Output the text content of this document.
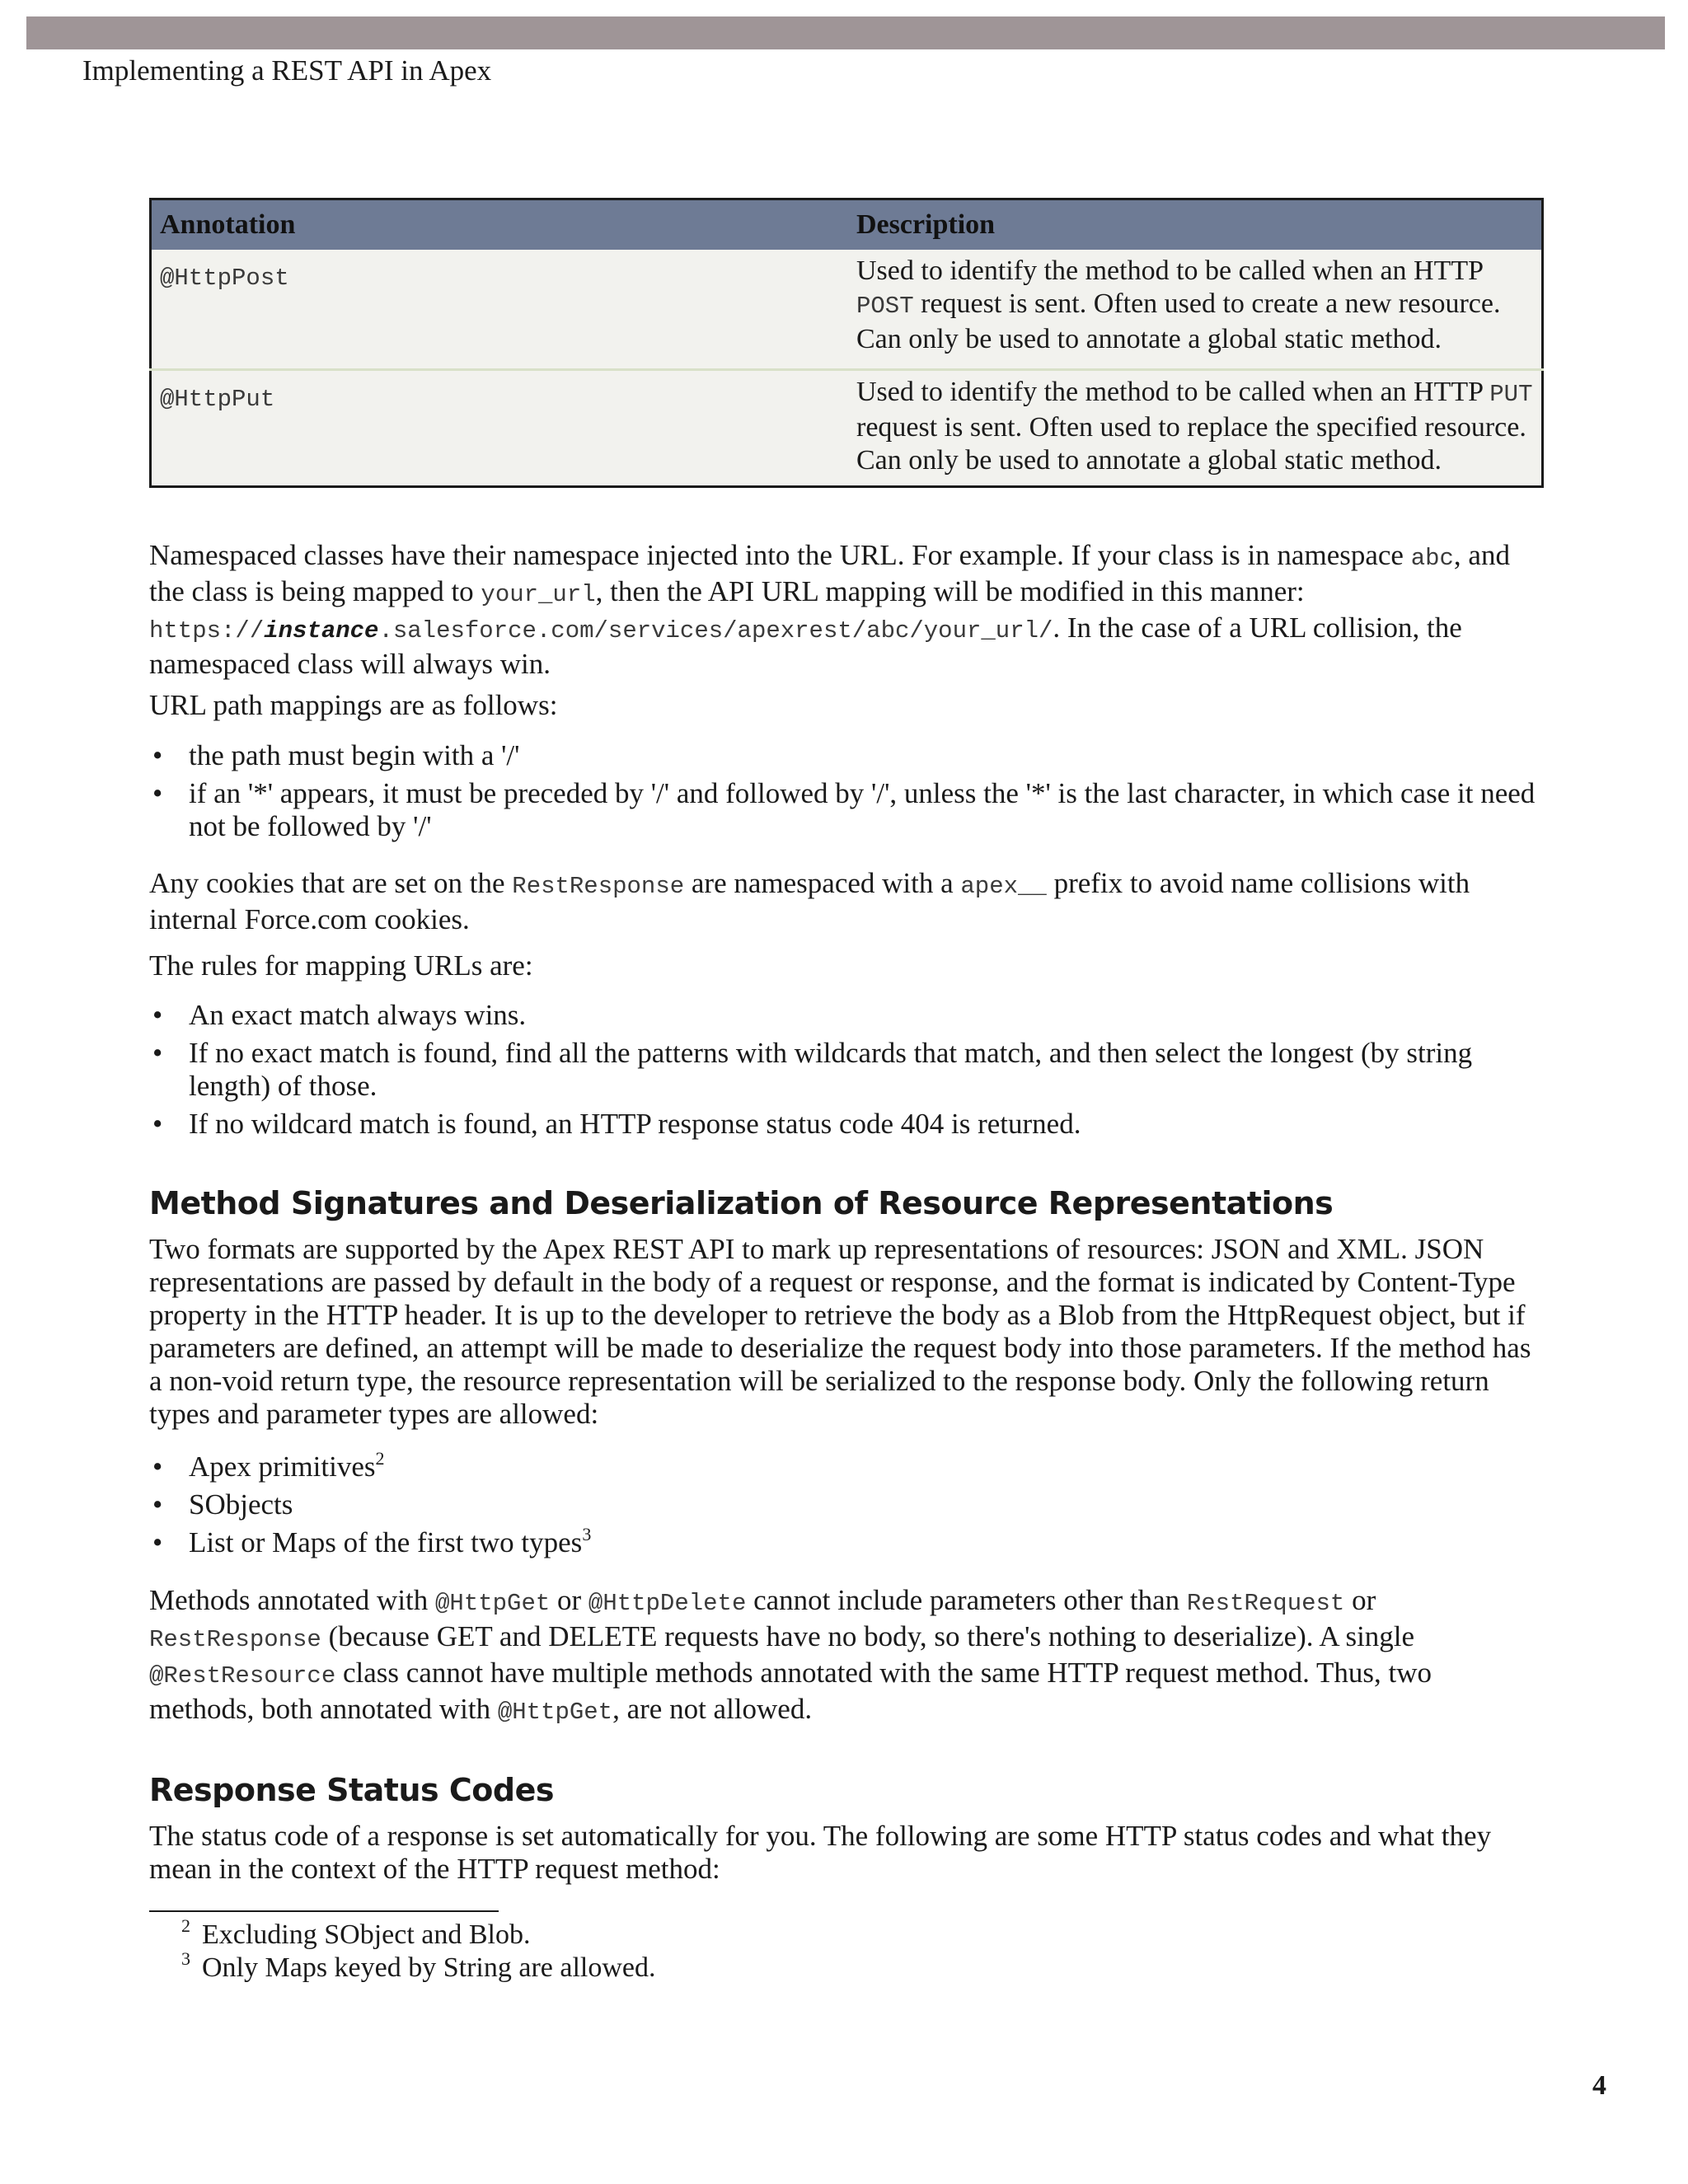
Implementing a REST API in Apex
Annotation	Description
@HttpPost	Used to identify the method to be called when an HTTP POST request is sent. Often used to create a new resource. Can only be used to annotate a global static method.
@HttpPut	Used to identify the method to be called when an HTTP PUT request is sent. Often used to replace the specified resource. Can only be used to annotate a global static method.

Namespaced classes have their namespace injected into the URL. For example. If your class is in namespace abc, and the class is being mapped to your_url, then the API URL mapping will be modified in this manner: https://instance.salesforce.com/services/apexrest/abc/your_url/. In the case of a URL collision, the namespaced class will always win.

URL path mappings are as follows:

• the path must begin with a '/'
• if an '*' appears, it must be preceded by '/' and followed by '/', unless the '*' is the last character, in which case it need not be followed by '/'

Any cookies that are set on the RestResponse are namespaced with a apex__ prefix to avoid name collisions with internal Force.com cookies.

The rules for mapping URLs are:

• An exact match always wins.
• If no exact match is found, find all the patterns with wildcards that match, and then select the longest (by string length) of those.
• If no wildcard match is found, an HTTP response status code 404 is returned.
Method Signatures and Deserialization of Resource Representations

Two formats are supported by the Apex REST API to mark up representations of resources: JSON and XML. JSON representations are passed by default in the body of a request or response, and the format is indicated by Content-Type property in the HTTP header. It is up to the developer to retrieve the body as a Blob from the HttpRequest object, but if parameters are defined, an attempt will be made to deserialize the request body into those parameters. If the method has a non-void return type, the resource representation will be serialized to the response body. Only the following return types and parameter types are allowed:

• Apex primitives$^2$
• SObjects
• List or Maps of the first two types$^3$

Methods annotated with @HttpGet or @HttpDelete cannot include parameters other than RestRequest or RestResponse (because GET and DELETE requests have no body, so there's nothing to deserialize). A single @RestResource class cannot have multiple methods annotated with the same HTTP request method. Thus, two methods, both annotated with @HttpGet, are not allowed.

Response Status Codes

The status code of a response is set automatically for you. The following are some HTTP status codes and what they mean in the context of the HTTP request method:

$^2$ Excluding SObject and Blob.
$^3$ Only Maps keyed by String are allowed.
4
